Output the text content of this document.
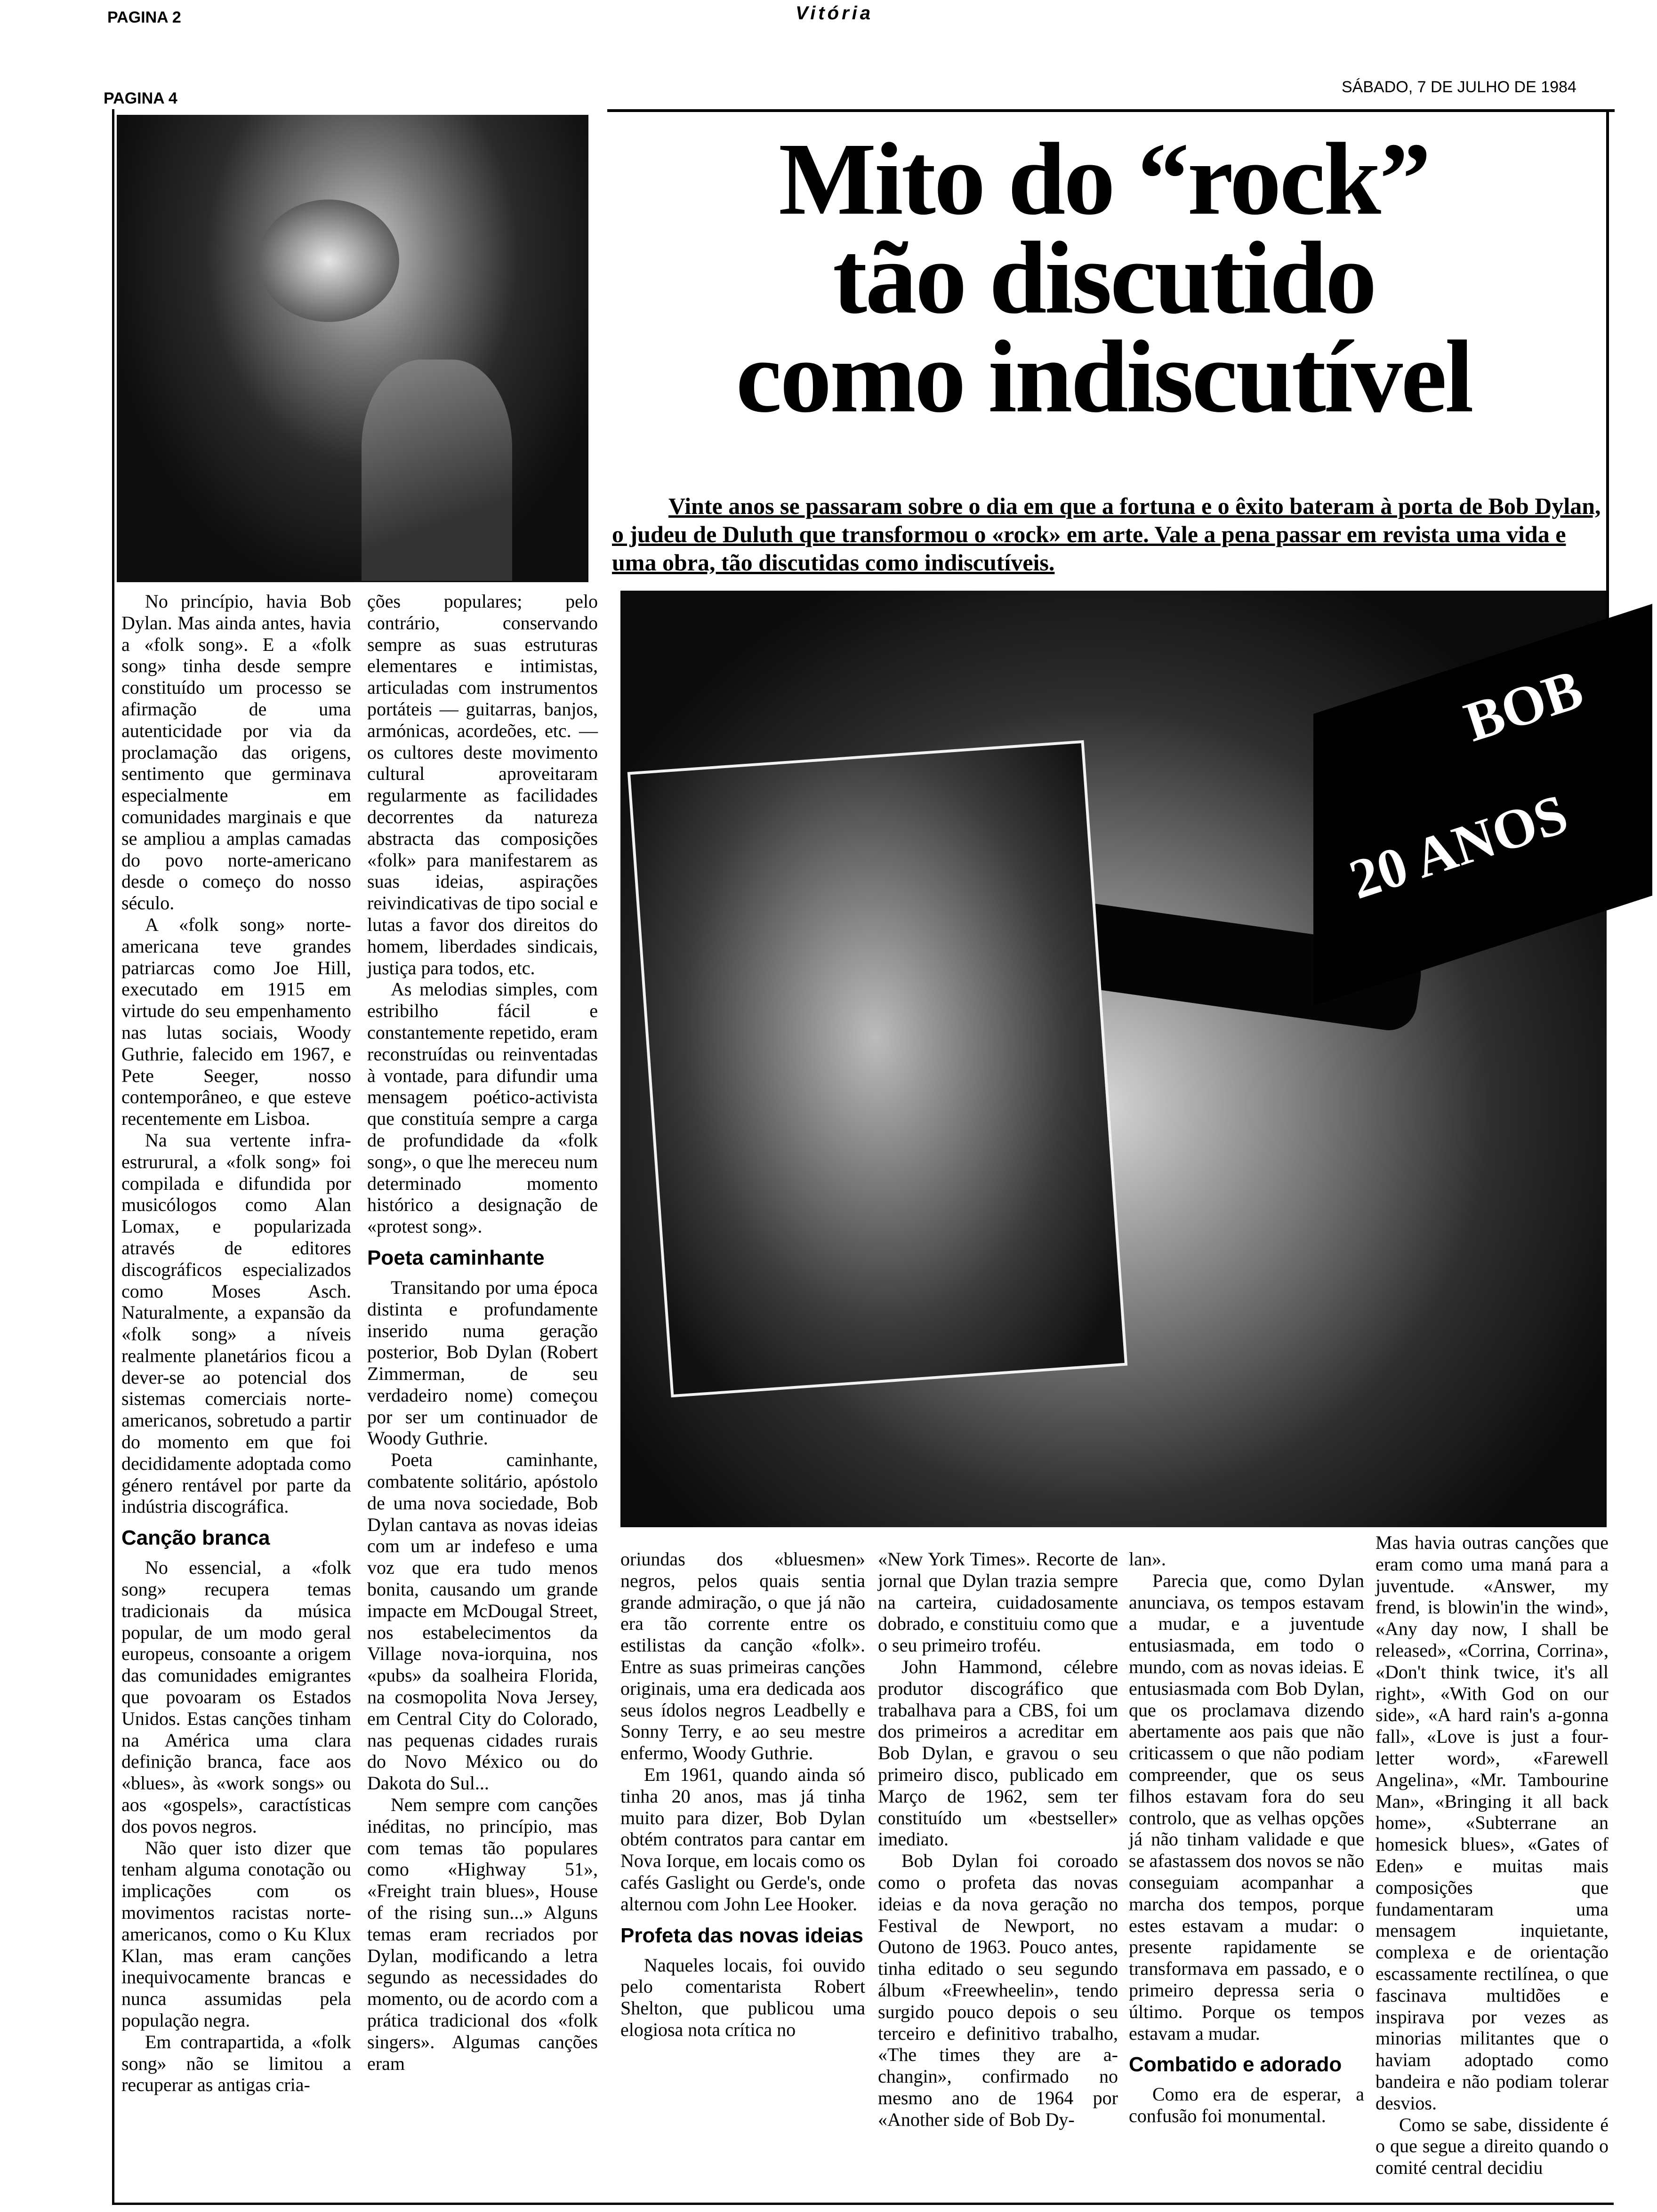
PAGINA 2	Vitória
PAGINA 4
SÁBADO, 7 DE JULHO DE 1984
Mito do “rock”
tão discutido
como indiscutível
Vinte anos se passaram sobre o dia em que a fortuna e o êxito bateram à porta de Bob Dylan, o judeu de Duluth que transformou o «rock» em arte. Vale a pena passar em revista uma vida e uma obra, tão discutidas como indiscutíveis.
BOB
20 ANOS

No princípio, havia Bob Dylan. Mas ainda antes, havia a «folk song». E a «folk song» tinha desde sempre constituído um processo se afirmação de uma autenticidade por via da proclamação das origens, sentimento que germinava especialmente em comunidades marginais e que se ampliou a amplas camadas do povo norte-americano desde o começo do nosso século.

A «folk song» norte-americana teve grandes patriarcas como Joe Hill, executado em 1915 em virtude do seu empenhamento nas lutas sociais, Woody Guthrie, falecido em 1967, e Pete Seeger, nosso contemporâneo, e que esteve recentemente em Lisboa.

Na sua vertente infra-estrurural, a «folk song» foi compilada e difundida por musicólogos como Alan Lomax, e popularizada através de editores discográficos especializados como Moses Asch. Naturalmente, a expansão da «folk song» a níveis realmente planetários ficou a dever-se ao potencial dos sistemas comerciais norte-americanos, sobretudo a partir do momento em que foi decididamente adoptada como género rentável por parte da indústria discográfica.

Canção branca

No essencial, a «folk song» recupera temas tradicionais da música popular, de um modo geral europeus, consoante a origem das comunidades emigrantes que povoaram os Estados Unidos. Estas canções tinham na América uma clara definição branca, face aos «blues», às «work songs» ou aos «gospels», caractísticas dos povos negros.

Não quer isto dizer que tenham alguma conotação ou implicações com os movimentos racistas norte-americanos, como o Ku Klux Klan, mas eram canções inequivocamente brancas e nunca assumidas pela população negra.

Em contrapartida, a «folk song» não se limitou a recuperar as antigas cria-

ções populares; pelo contrário, conservando sempre as suas estruturas elementares e intimistas, articuladas com instrumentos portáteis — guitarras, banjos, armónicas, acordeões, etc. — os cultores deste movimento cultural aproveitaram regularmente as facilidades decorrentes da natureza abstracta das composições «folk» para manifestarem as suas ideias, aspirações reivindicativas de tipo social e lutas a favor dos direitos do homem, liberdades sindicais, justiça para todos, etc.

As melodias simples, com estribilho fácil e constantemente repetido, eram reconstruídas ou reinventadas à vontade, para difundir uma mensagem poético-activista que constituía sempre a carga de profundidade da «folk song», o que lhe mereceu num determinado momento histórico a designação de «protest song».

Poeta caminhante

Transitando por uma época distinta e profundamente inserido numa geração posterior, Bob Dylan (Robert Zimmerman, de seu verdadeiro nome) começou por ser um continuador de Woody Guthrie.

Poeta caminhante, combatente solitário, apóstolo de uma nova sociedade, Bob Dylan cantava as novas ideias com um ar indefeso e uma voz que era tudo menos bonita, causando um grande impacte em McDougal Street, nos estabelecimentos da Village nova-iorquina, nos «pubs» da soalheira Florida, na cosmopolita Nova Jersey, em Central City do Colorado, nas pequenas cidades rurais do Novo México ou do Dakota do Sul...

Nem sempre com canções inéditas, no princípio, mas com temas tão populares como «Highway 51», «Freight train blues», House of the rising sun...» Alguns temas eram recriados por Dylan, modificando a letra segundo as necessidades do momento, ou de acordo com a prática tradicional dos «folk singers». Algumas canções eram

oriundas dos «bluesmen» negros, pelos quais sentia grande admiração, o que já não era tão corrente entre os estilistas da canção «folk». Entre as suas primeiras canções originais, uma era dedicada aos seus ídolos negros Leadbelly e Sonny Terry, e ao seu mestre enfermo, Woody Guthrie.

Em 1961, quando ainda só tinha 20 anos, mas já tinha muito para dizer, Bob Dylan obtém contratos para cantar em Nova Iorque, em locais como os cafés Gaslight ou Gerde's, onde alternou com John Lee Hooker.

Profeta das novas ideias

Naqueles locais, foi ouvido pelo comentarista Robert Shelton, que publicou uma elogiosa nota crítica no

«New York Times». Recorte de jornal que Dylan trazia sempre na carteira, cuidadosamente dobrado, e constituiu como que o seu primeiro troféu.

John Hammond, célebre produtor discográfico que trabalhava para a CBS, foi um dos primeiros a acreditar em Bob Dylan, e gravou o seu primeiro disco, publicado em Março de 1962, sem ter constituído um «bestseller» imediato.

Bob Dylan foi coroado como o profeta das novas ideias e da nova geração no Festival de Newport, no Outono de 1963. Pouco antes, tinha editado o seu segundo álbum «Freewheelin», tendo surgido pouco depois o seu terceiro e definitivo trabalho, «The times they are a-changin», confirmado no mesmo ano de 1964 por «Another side of Bob Dy-

lan».

Parecia que, como Dylan anunciava, os tempos estavam a mudar, e a juventude entusiasmada, em todo o mundo, com as novas ideias. E entusiasmada com Bob Dylan, que os proclamava dizendo abertamente aos pais que não criticassem o que não podiam compreender, que os seus filhos estavam fora do seu controlo, que as velhas opções já não tinham validade e que se afastassem dos novos se não conseguiam acompanhar a marcha dos tempos, porque estes estavam a mudar: o presente rapidamente se transformava em passado, e o primeiro depressa seria o último. Porque os tempos estavam a mudar.

Combatido e adorado

Como era de esperar, a confusão foi monumental.

Mas havia outras canções que eram como uma maná para a juventude. «Answer, my frend, is blowin'in the wind», «Any day now, I shall be released», «Corrina, Corrina», «Don't think twice, it's all right», «With God on our side», «A hard rain's a-gonna fall», «Love is just a four-letter word», «Farewell Angelina», «Mr. Tambourine Man», «Bringing it all back home», «Subterrane an homesick blues», «Gates of Eden» e muitas mais composições que fundamentaram uma mensagem inquietante, complexa e de orientação escassamente rectilínea, o que fascinava multidões e inspirava por vezes as minorias militantes que o haviam adoptado como bandeira e não podiam tolerar desvios.

Como se sabe, dissidente é o que segue a direito quando o comité central decidiu
